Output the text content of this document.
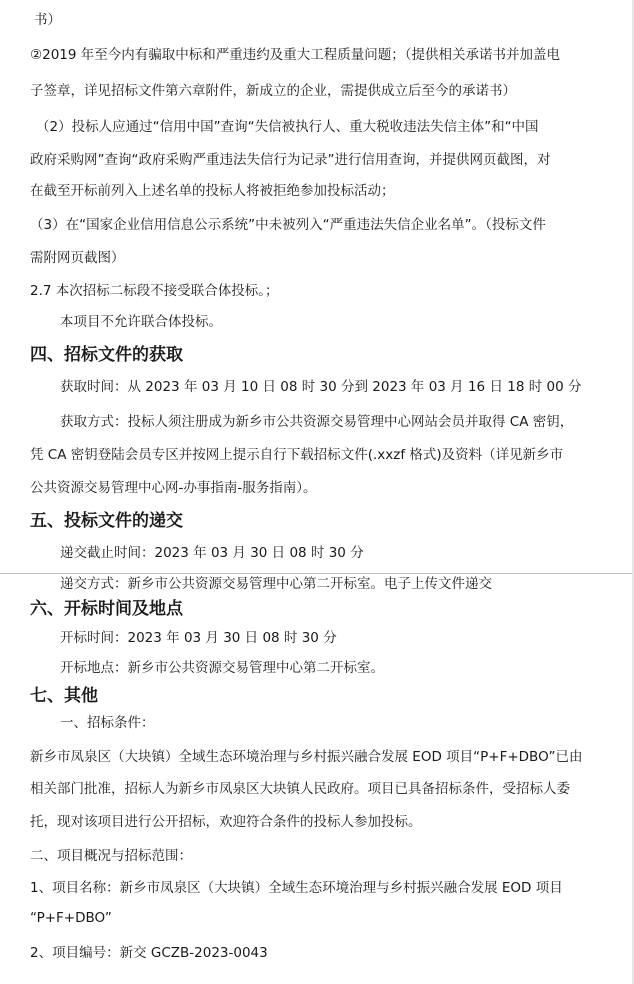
书）
②2019 年至今内有骗取中标和严重违约及重大工程质量问题；（提供相关承诺书并加盖电
子签章，详见招标文件第六章附件，新成立的企业，需提供成立后至今的承诺书）
（2）投标人应通过“信用中国”查询“失信被执行人、重大税收违法失信主体”和“中国
政府采购网”查询“政府采购严重违法失信行为记录”进行信用查询，并提供网页截图，对
在截至开标前列入上述名单的投标人将被拒绝参加投标活动；
（3）在“国家企业信用信息公示系统”中未被列入“严重违法失信企业名单”。（投标文件
需附网页截图）
2.7 本次招标二标段不接受联合体投标。；
本项目不允许联合体投标。
四、招标文件的获取
获取时间：从 2023 年 03 月 10 日 08 时 30 分到 2023 年 03 月 16 日 18 时 00 分
获取方式：投标人须注册成为新乡市公共资源交易管理中心网站会员并取得 CA 密钥，
凭 CA 密钥登陆会员专区并按网上提示自行下载招标文件(.xxzf 格式)及资料（详见新乡市
公共资源交易管理中心网-办事指南-服务指南）。
五、投标文件的递交
递交截止时间：2023 年 03 月 30 日 08 时 30 分
递交方式：新乡市公共资源交易管理中心第二开标室。电子上传文件递交
六、开标时间及地点
开标时间：2023 年 03 月 30 日 08 时 30 分
开标地点：新乡市公共资源交易管理中心第二开标室。
七、其他
一、招标条件：
新乡市凤泉区（大块镇）全域生态环境治理与乡村振兴融合发展 EOD 项目“P+F+DBO”已由
相关部门批准，招标人为新乡市凤泉区大块镇人民政府。项目已具备招标条件，受招标人委
托，现对该项目进行公开招标，欢迎符合条件的投标人参加投标。
二、项目概况与招标范围：
1、项目名称：新乡市凤泉区（大块镇）全域生态环境治理与乡村振兴融合发展 EOD 项目
“P+F+DBO”
2、项目编号：新交 GCZB-2023-0043
